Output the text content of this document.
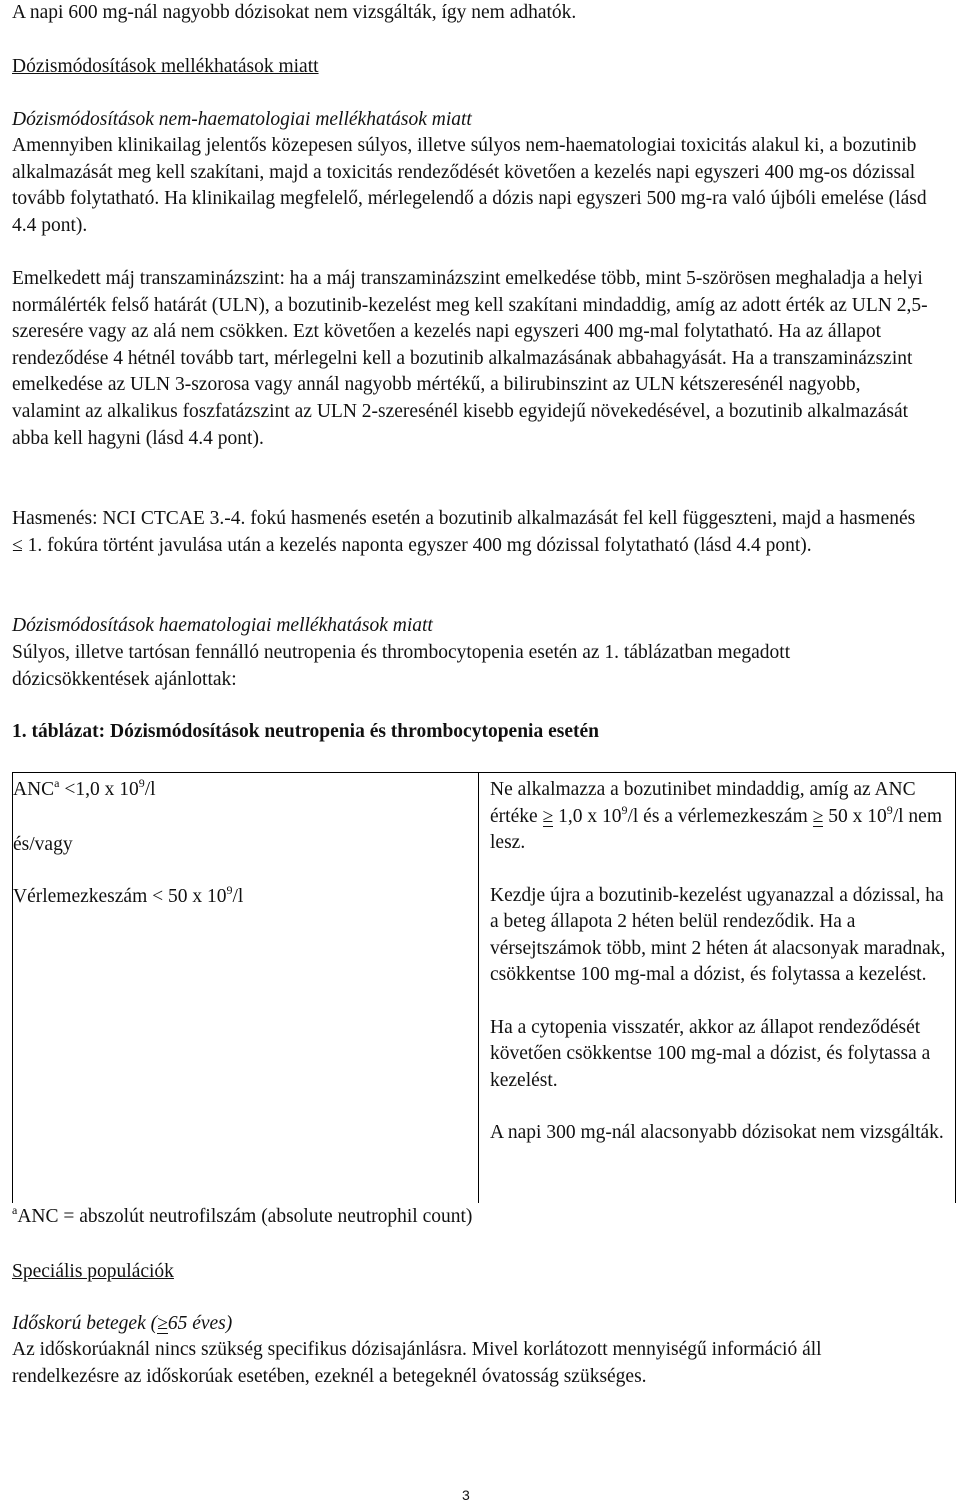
A napi 600 mg-nál nagyobb dózisokat nem vizsgálták, így nem adhatók.

Dózismódosítások mellékhatások miatt

Dózismódosítások nem-haematologiai mellékhatások miatt

Amennyiben klinikailag jelentős közepesen súlyos, illetve súlyos nem-haematologiai toxicitás alakul ki, a bozutinib alkalmazását meg kell szakítani, majd a toxicitás rendeződését követően a kezelés napi egyszeri 400 mg-os dózissal tovább folytatható. Ha klinikailag megfelelő, mérlegelendő a dózis napi egyszeri 500 mg-ra való újbóli emelése (lásd 4.4 pont).

Emelkedett máj transzaminázszint: ha a máj transzaminázszint emelkedése több, mint 5-szörösen meghaladja a helyi normálérték felső határát (ULN), a bozutinib-kezelést meg kell szakítani mindaddig, amíg az adott érték az ULN 2,5-szeresére vagy az alá nem csökken. Ezt követően a kezelés napi egyszeri 400 mg-mal folytatható. Ha az állapot rendeződése 4 hétnél tovább tart, mérlegelni kell a bozutinib alkalmazásának abbahagyását. Ha a transzaminázszint emelkedése az ULN 3-szorosa vagy annál nagyobb mértékű, a bilirubinszint az ULN kétszeresénél nagyobb, valamint az alkalikus foszfatázszint az ULN 2-szeresénél kisebb egyidejű növekedésével, a bozutinib alkalmazását abba kell hagyni (lásd 4.4 pont).

Hasmenés: NCI CTCAE 3.-4. fokú hasmenés esetén a bozutinib alkalmazását fel kell függeszteni, majd a hasmenés ≤ 1. fokúra történt javulása után a kezelés naponta egyszer 400 mg dózissal folytatható (lásd 4.4 pont).

Dózismódosítások haematologiai mellékhatások miatt

Súlyos, illetve tartósan fennálló neutropenia és thrombocytopenia esetén az 1. táblázatban megadott dózicsökkentések ajánlottak:

1. táblázat: Dózismódosítások neutropenia és thrombocytopenia esetén

$ANC^a <1,0$ x $10^9/l$

és/vagy

Vérlemezkeszám < 50 x $10^9/l$

Ne alkalmazza a bozutinibet mindaddig, amíg az ANC értéke ≥ 1,0 x $10^9/l$ és a vérlemezkeszám ≥ 50 x $10^9/l$ nem lesz.

Kezdje újra a bozutinib-kezelést ugyanazzal a dózissal, ha a beteg állapota 2 héten belül rendeződik. Ha a vérsejtszámok több, mint 2 héten át alacsonyak maradnak, csökkentse 100 mg-mal a dózist, és folytassa a kezelést.

Ha a cytopenia visszatér, akkor az állapot rendeződését követően csökkentse 100 mg-mal a dózist, és folytassa a kezelést.

A napi 300 mg-nál alacsonyabb dózisokat nem vizsgálták.

$^a$ANC = abszolút neutrofilszám (absolute neutrophil count)

Speciális populációk

Időskorú betegek (≥65 éves)

Az időskorúaknál nincs szükség specifikus dózisajánlásra. Mivel korlátozott mennyiségű információ áll rendelkezésre az időskorúak esetében, ezeknél a betegeknél óvatosság szükséges.

3
